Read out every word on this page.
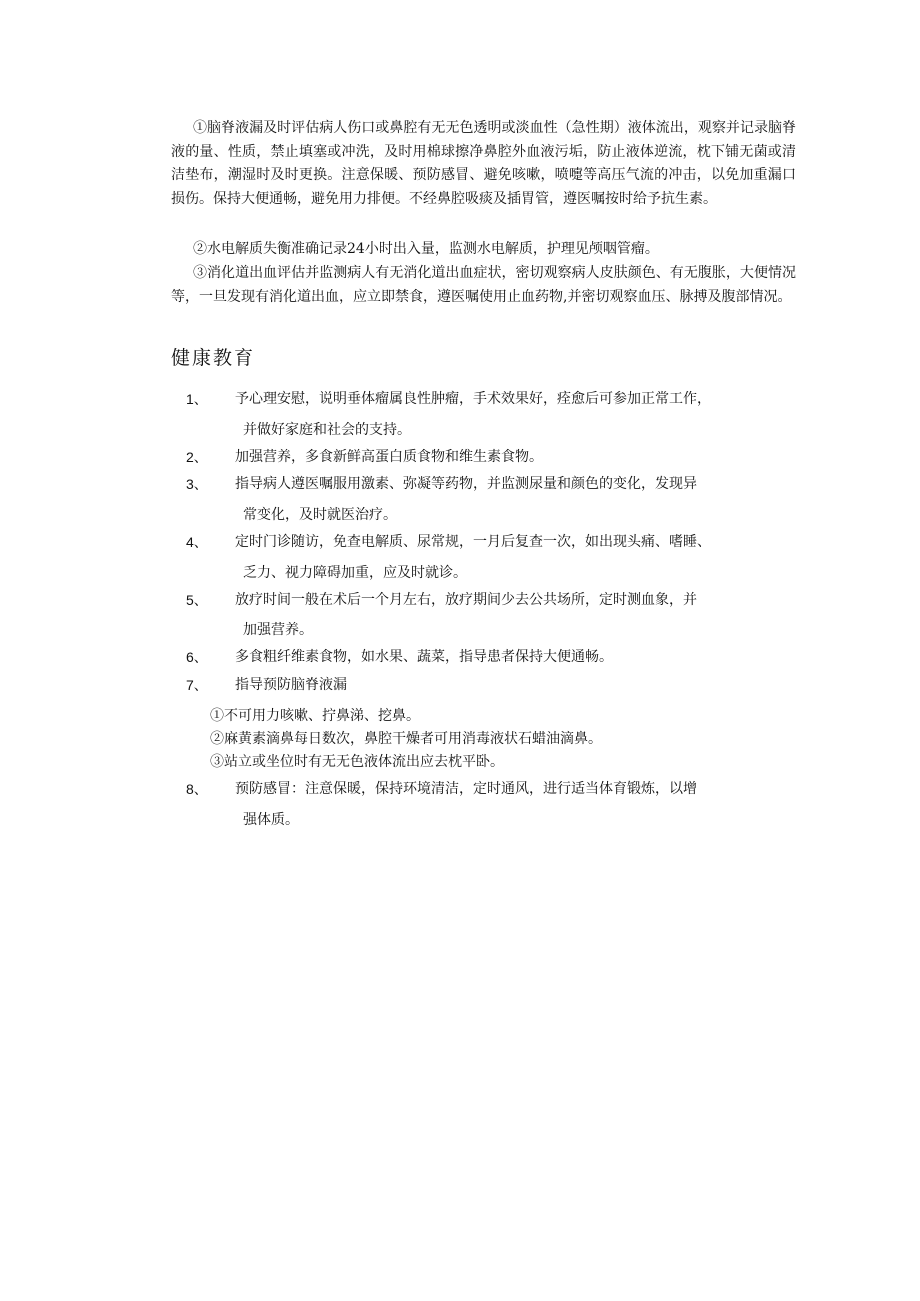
①脑脊液漏及时评估病人伤口或鼻腔有无无色透明或淡血性（急性期）液体流出，观察并记录脑脊液的量、性质，禁止填塞或冲洗，及时用棉球擦净鼻腔外血液污垢，防止液体逆流，枕下铺无菌或清洁垫布，潮湿时及时更换。注意保暖、预防感冒、避免咳嗽，喷嚏等高压气流的冲击，以免加重漏口损伤。保持大便通畅，避免用力排便。不经鼻腔吸痰及插胃管，遵医嘱按时给予抗生素。

②水电解质失衡准确记录24小时出入量，监测水电解质，护理见颅咽管瘤。

③消化道出血评估并监测病人有无消化道出血症状，密切观察病人皮肤颜色、有无腹胀，大便情况等，一旦发现有消化道出血，应立即禁食，遵医嘱使用止血药物,并密切观察血压、脉搏及腹部情况。

健康教育
1、 予心理安慰，说明垂体瘤属良性肿瘤，手术效果好，痊愈后可参加正常工作，
并做好家庭和社会的支持。
2、 加强营养，多食新鲜高蛋白质食物和维生素食物。
3、 指导病人遵医嘱服用激素、弥凝等药物，并监测尿量和颜色的变化，发现异
常变化，及时就医治疗。
4、 定时门诊随访，免查电解质、尿常规，一月后复查一次，如出现头痛、嗜睡、
乏力、视力障碍加重，应及时就诊。
5、 放疗时间一般在术后一个月左右，放疗期间少去公共场所，定时测血象，并
加强营养。
6、 多食粗纤维素食物，如水果、蔬菜，指导患者保持大便通畅。
7、 指导预防脑脊液漏
①不可用力咳嗽、拧鼻涕、挖鼻。
②麻黄素滴鼻每日数次，鼻腔干燥者可用消毒液状石蜡油滴鼻。
③站立或坐位时有无无色液体流出应去枕平卧。
8、 预防感冒：注意保暖，保持环境清洁，定时通风，进行适当体育锻炼，以增
强体质。
